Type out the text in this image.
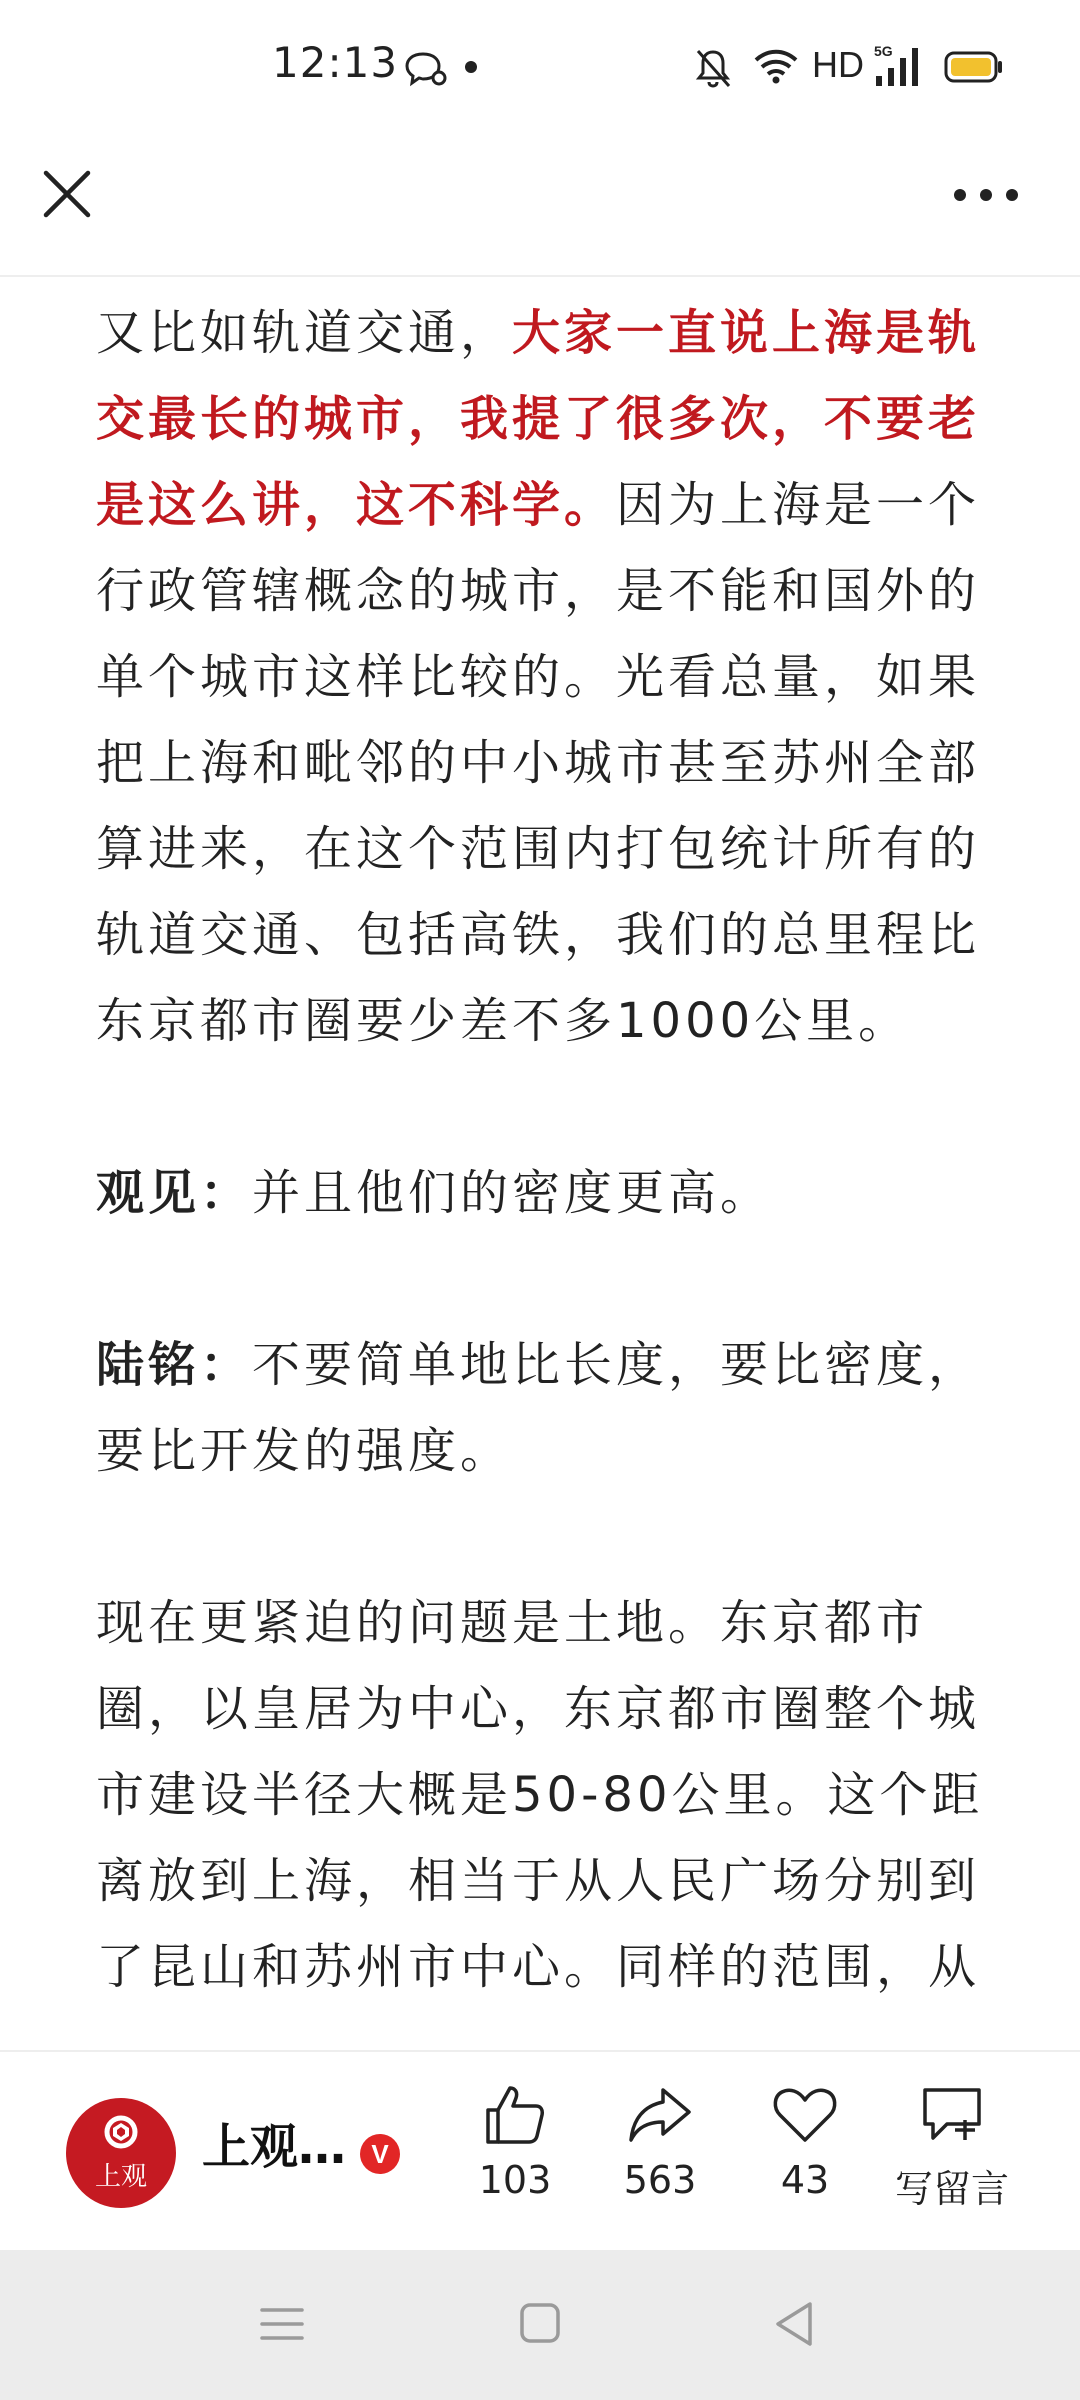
12:13	HD 5G

又比如轨道交通，大家一直说上海是轨交最长的城市，我提了很多次，不要老是这么讲，这不科学。因为上海是一个行政管辖概念的城市，是不能和国外的单个城市这样比较的。光看总量，如果把上海和毗邻的中小城市甚至苏州全部算进来，在这个范围内打包统计所有的轨道交通、包括高铁，我们的总里程比东京都市圈要少差不多1000公里。

观见：并且他们的密度更高。

陆铭：不要简单地比长度，要比密度，要比开发的强度。

现在更紧迫的问题是土地。东京都市圈，以皇居为中心，东京都市圈整个城市建设半径大概是50-80公里。这个距离放到上海，相当于从人民广场分别到了昆山和苏州市中心。同样的范围，从

上观
上观… V
103	563	43	写留言
